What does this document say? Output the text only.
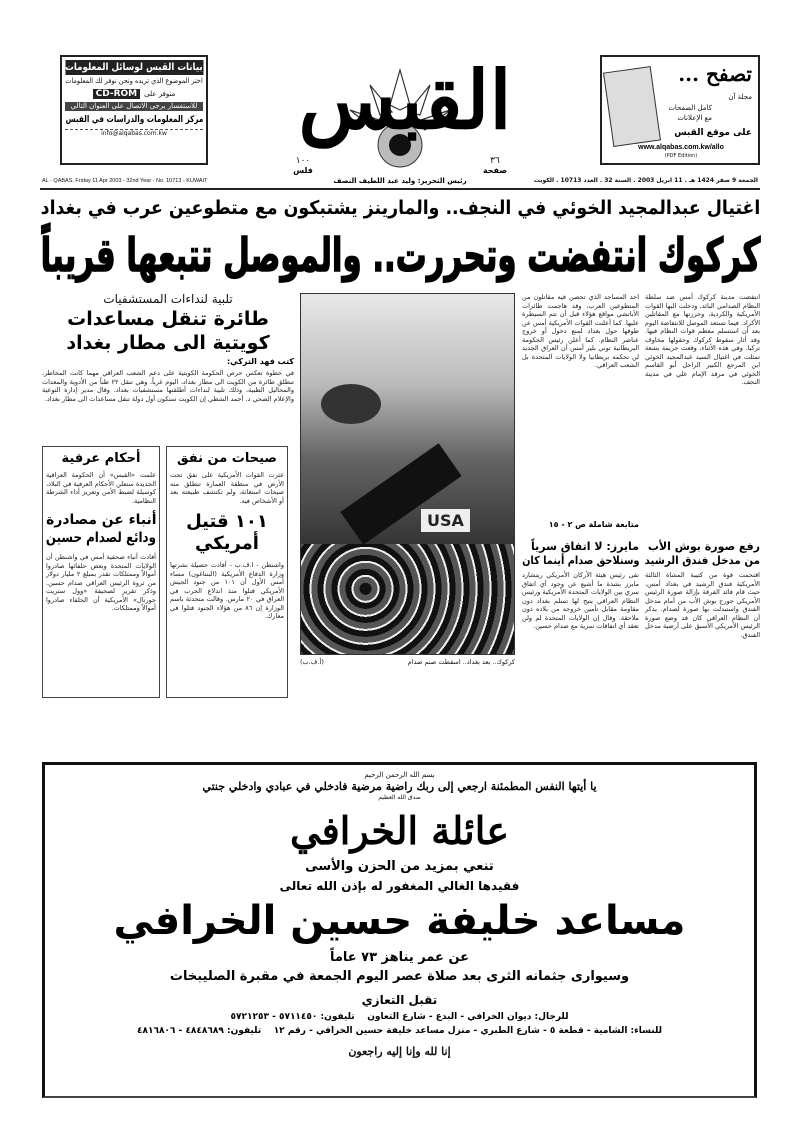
بيانات القبس لوسائل المعلومات
اختر الموضوع الذي تريده ونحن نوفر لك المعلومات
متوفر على
CD-ROM
للاستفسار يرجى الاتصال على العنوان التالي
مركز المعلومات والدراسات في القبس
info@alqabas.com.kw	القبس
١٠٠
فلس
٣٦
صفحة
رئيس التحرير: وليد عبد اللطيف النصف
تصفح ...
مجلة آن
كامل الصفحات
مع الإعلانات
على موقع القبس
www.alqabas.com.kw/allo
(PDF Edition)
AL - QABAS, Friday 11 Apr 2003 - 32nd Year - No. 10713 - KUWAIT	الجمعة 9 صفر 1424 هـ . 11 ابريل 2003 . السنة 32 . العدد 10713 . الكويت
اغتيال عبدالمجيد الخوئي في النجف.. والمارينز يشتبكون مع متطوعين عرب في بغداد
كركوك انتفضت وتحررت.. والموصل تتبعها قريباً
تلبية لنداءات المستشفيات
طائرة تنقل مساعدات
كويتية الى مطار بغداد
كتب فهد التركي:
في خطوة تعكس حرص الحكومة الكويتية على دعم الشعب العراقي مهما كانت المخاطر، تنطلق طائرة من الكويت الى مطار بغداد، اليوم غرباً، وهي تنقل ٢٢ طناً من الأدوية والمعدات والمحاليل الطبية، وذلك تلبية لنداءات أطلقتها مستشفيات بغداد. وقال مدير إدارة التوعية والإعلام الصحي د. أحمد الشطي إن الكويت ستكون أول دولة تنقل مساعدات الى مطار بغداد.
أحكام عرفية
علمت «القبس» أن الحكومة العراقية الجديدة ستعلن الأحكام العرفية في البلاد، كوسيلة لضبط الأمن وتعزيز أداء الشرطة النظامية.
أنباء عن مصادرة
ودائع لصدام حسين
أفادت أنباء صحفية أمس في واشنطن أن الولايات المتحدة وبعض حلفائها صادروا أموالاً وممتلكات تقدر بمبلغ ٢ مليار دولار من ثروة الرئيس العراقي صدام حسين. وذكر تقرير لصحيفة «وول ستريت جورنال» الأمريكية أن الحلفاء صادروا أموالاً وممتلكات.
صيحات من نفق
عثرت القوات الأمريكية على نفق تحت الأرض في منطقة العمارة تنطلق منه صيحات استغاثة، ولم تكتشف طبيعته بعد أو الأشخاص فيه.
١٠١ قتيل
أمريكي
واشنطن - ا.ف.ب - أفادت حصيلة نشرتها وزارة الدفاع الأمريكية (البنتاغون) مساء أمس الأول أن ١٠١ من جنود الجيش الأمريكي قتلوا منذ اندلاع الحرب في العراق في ٢٠ مارس. وقالت متحدثة باسم الوزارة إن ٨٦ من هؤلاء الجنود قتلوا في معارك.
USA
كركوك.. بعد بغداد.. اسقطت صنم صدام
(أ.ف.ب)
انتفضت مدينة كركوك أمس ضد سلطة النظام الصدامي البائد، ودخلت اليها القوات الأمريكية والكردية، وحررتها مع المقاتلين الأكراد. فيما تستعد الموصل للانتفاضة اليوم بعد أن استسلم معظم قوات النظام فيها. وقد أثار سقوط كركوك وحقولها مخاوف تركيا. وفي هذه الأثناء، وقعت جريمة بشعة تمثلت في اغتيال السيد عبدالمجيد الخوئي ابن المرجع الكبير الراحل أبو القاسم الخوئي في مرقد الإمام علي في مدينة النجف.
احد المساجد الذي تحصن فيه مقاتلون من المتطوعين العرب، وقد هاجمت طائرات الأباتشي مواقع هؤلاء قبل أن تتم السيطرة عليها. كما أعلنت القوات الأمريكية أمس عن طوقها حول بغداد لمنع دخول أو خروج عناصر النظام. كما أعلن رئيس الحكومة البريطانية توني بلير أمس أن العراق الجديد لن تحكمه بريطانيا ولا الولايات المتحدة بل الشعب العراقي.
متابعة شاملة ص ٢ - ١٥
رفع صورة بوش الأب
من مدخل فندق الرشيد
اقتحمت قوة من كتيبة المشاة الثالثة الأمريكية فندق الرشيد في بغداد أمس، حيث قام قائد الفرقة بإزالة صورة الرئيس الأمريكي جورج بوش الأب من أمام مدخل الفندق واستبدلت بها صورة لصدام. يذكر أن النظام العراقي كان قد وضع صورة الرئيس الأمريكي الأسبق على أرضية مدخل الفندق.
مايرز: لا اتفاق سرياً
وسنلاحق صدام أينما كان
نفى رئيس هيئة الأركان الأمريكي ريتشارد مايرز بشدة ما أشيع عن وجود أي اتفاق سري بين الولايات المتحدة الأمريكية ورئيس النظام العراقي يتيح لها تسلم بغداد دون مقاومة مقابل تأمين خروجه من بلاده دون ملاحقة. وقال إن الولايات المتحدة لم ولن تعقد أي اتفاقات سرية مع صدام حسين.
بسم الله الرحمن الرحيم
يا أيتها النفس المطمئنة ارجعي إلى ربك راضية مرضية فادخلي في عبادي وادخلي جنتي
صدق الله العظيم
عائلة الخرافي
تنعي بمزيد من الحزن والأسى
فقيدها الغالي المغفور له بإذن الله تعالى
مساعد خليفة حسين الخرافي
عن عمر يناهز ٧٣ عاماً
وسيوارى جثمانه الثرى بعد صلاة عصر اليوم الجمعة في مقبرة الصليبخات
تقبل التعازي
للرجال: ديوان الخرافي - البدع - شارع التعاون    تليفون: ٥٧١١٤٥٠ - ٥٧٢١٢٥٣
للنساء: الشامية - قطعة ٥ - شارع الطبري - منزل مساعد خليفة حسين الخرافي - رقم ١٢    تليفون: ٤٨٤٨٦٨٩ - ٤٨١٦٨٠٦
إنا لله وإنا إليه راجعون
